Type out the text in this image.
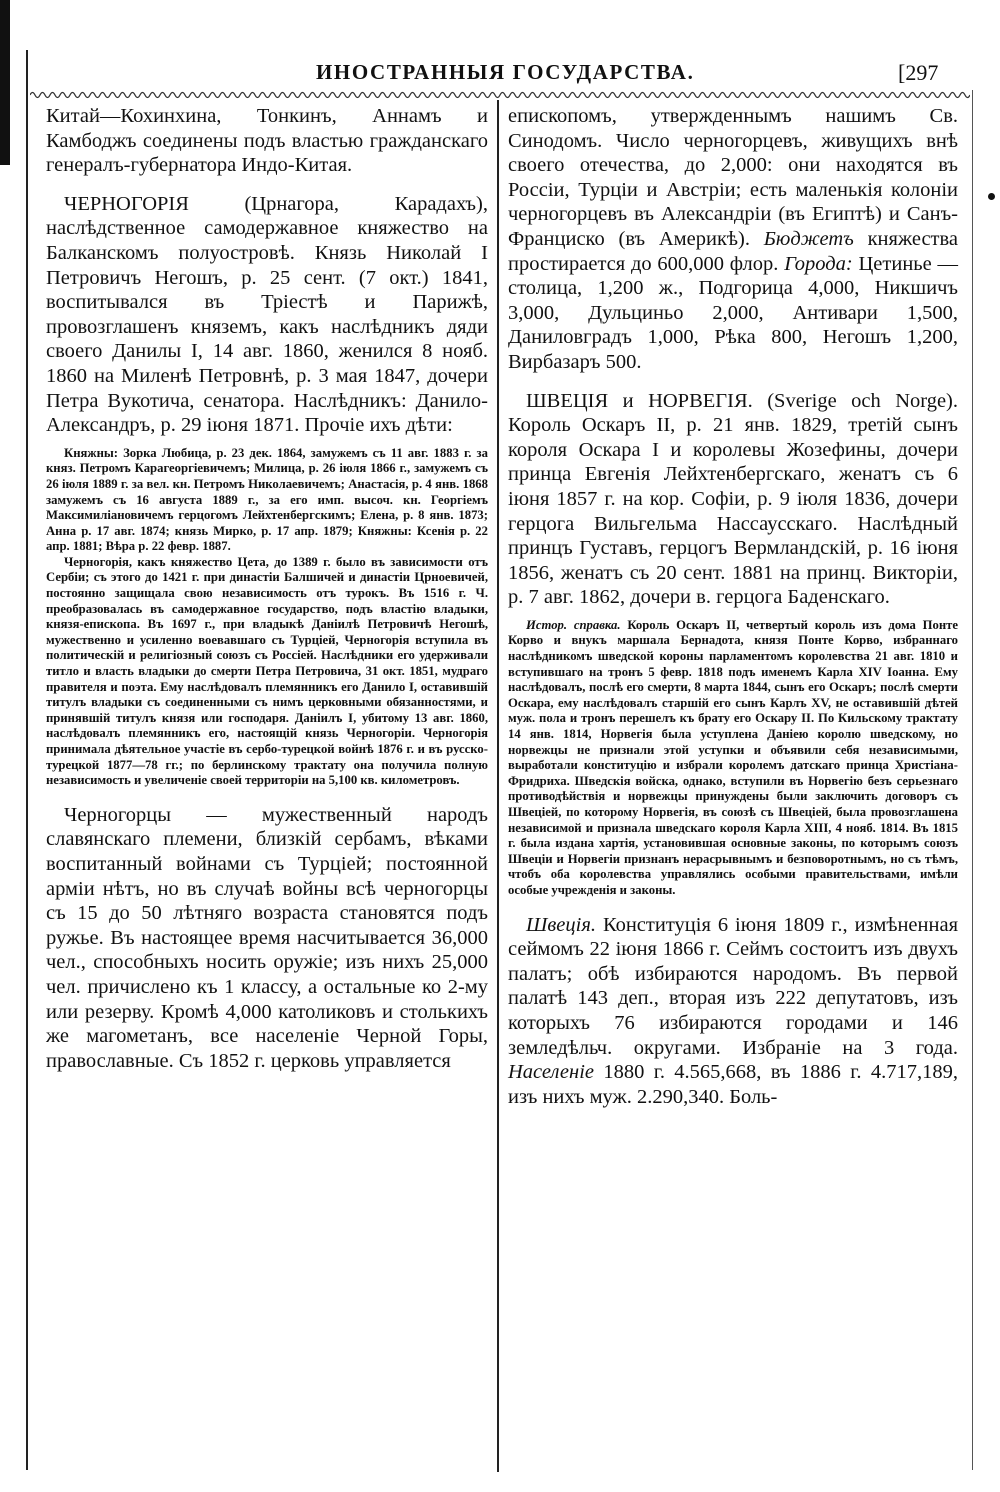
ИНОСТРАННЫЯ ГОСУДАРСТВА.	[297

Китай—Кохинхина, Тонкинъ, Аннамъ и Камбоджъ соединены подъ властью гражданскаго генералъ-губернатора Индо-Китая.

ЧЕРНОГОРІЯ (Црнагора, Карадахъ), наслѣдственное самодержавное княжество на Балканскомъ полуостровѣ. Князь Николай I Петровичъ Негошъ, р. 25 сент. (7 окт.) 1841, воспитывался въ Тріестѣ и Парижѣ, провозглашенъ княземъ, какъ наслѣдникъ дяди своего Данилы I, 14 авг. 1860, женился 8 нояб. 1860 на Миленѣ Петровнѣ, р. 3 мая 1847, дочери Петра Вукотича, сенатора. Наслѣдникъ: Данило-Александръ, р. 29 іюня 1871. Прочіе ихъ дѣти:

Княжны: Зорка Любица, р. 23 дек. 1864, замужемъ съ 11 авг. 1883 г. за княз. Петромъ Карагеоргіевичемъ; Милица, р. 26 іюля 1866 г., замужемъ съ 26 іюля 1889 г. за вел. кн. Петромъ Николаевичемъ; Анастасія, р. 4 янв. 1868 замужемъ съ 16 августа 1889 г., за его имп. высоч. кн. Георгіемъ Максимиліановичемъ герцогомъ Лейхтенбергскимъ; Елена, р. 8 янв. 1873; Анна р. 17 авг. 1874; князь Мирко, р. 17 апр. 1879; Княжны: Ксенія р. 22 апр. 1881; Вѣра р. 22 февр. 1887.

Черногорія, какъ княжество Цета, до 1389 г. было въ зависимости отъ Сербіи; съ этого до 1421 г. при династіи Балшичей и династіи Црноевичей, постоянно защищала свою независимость отъ турокъ. Въ 1516 г. Ч. преобразовалась въ самодержавное государство, подъ властію владыки, князя-епископа. Въ 1697 г., при владыкѣ Даніилѣ Петровичѣ Негошѣ, мужественно и усиленно воевавшаго съ Турціей, Черногорія вступила въ политическій и религіозный союзъ съ Россіей. Наслѣдники его удерживали титло и власть владыки до смерти Петра Петровича, 31 окт. 1851, мудраго правителя и поэта. Ему наслѣдовалъ племянникъ его Данило I, оставившій титулъ владыки съ соединенными съ нимъ церковными обязанностями, и принявшій титулъ князя или господаря. Даніилъ I, убитому 13 авг. 1860, наслѣдовалъ племянникъ его, настоящій князь Черногоріи. Черногорія принимала дѣятельное участіе въ сербо-турецкой войнѣ 1876 г. и въ русско-турецкой 1877—78 гг.; по берлинскому трактату она получила полную независимость и увеличеніе своей территоріи на 5,100 кв. километровъ.

Черногорцы — мужественный народъ славянскаго племени, близкій сербамъ, вѣками воспитанный войнами съ Турціей; постоянной арміи нѣтъ, но въ случаѣ войны всѣ черногорцы съ 15 до 50 лѣтняго возраста становятся подъ ружье. Въ настоящее время насчитывается 36,000 чел., способныхъ носить оружіе; изъ нихъ 25,000 чел. причислено къ 1 классу, а остальные ко 2-му или резерву. Кромѣ 4,000 католиковъ и столькихъ же магометанъ, все населеніе Черной Горы, православные. Съ 1852 г. церковь управляется

епископомъ, утвержденнымъ нашимъ Св. Синодомъ. Число черногорцевъ, живущихъ внѣ своего отечества, до 2,000: они находятся въ Россіи, Турціи и Австріи; есть маленькія колоніи черногорцевъ въ Александріи (въ Египтѣ) и Санъ-Франциско (въ Америкѣ). Бюджетъ княжества простирается до 600,000 флор. Города: Цетинье — столица, 1,200 ж., Подгорица 4,000, Никшичъ 3,000, Дульциньо 2,000, Антивари 1,500, Даниловградъ 1,000, Рѣка 800, Негошъ 1,200, Вирбазаръ 500.

ШВЕЦІЯ и НОРВЕГІЯ. (Sverige och Norge). Король Оскаръ II, р. 21 янв. 1829, третій сынъ короля Оскара I и королевы Жозефины, дочери принца Евгенія Лейхтенбергскаго, женатъ съ 6 іюня 1857 г. на кор. Софіи, р. 9 іюля 1836, дочери герцога Вильгельма Нассаусскаго. Наслѣдный принцъ Густавъ, герцогъ Вермландскій, р. 16 іюня 1856, женатъ съ 20 сент. 1881 на принц. Викторіи, р. 7 авг. 1862, дочери в. герцога Баденскаго.

Истор. справка. Король Оскаръ II, четвертый король изъ дома Понте Корво и внукъ маршала Бернадота, князя Понте Корво, избраннаго наслѣдникомъ шведской короны парламентомъ королевства 21 авг. 1810 и вступившаго на тронъ 5 февр. 1818 подъ именемъ Карла XIV Іоанна. Ему наслѣдовалъ, послѣ его смерти, 8 марта 1844, сынъ его Оскаръ; послѣ смерти Оскара, ему наслѣдовалъ старшій его сынъ Карлъ XV, не оставившій дѣтей муж. пола и тронъ перешелъ къ брату его Оскару II. По Кильскому трактату 14 янв. 1814, Норвегія была уступлена Даніею королю шведскому, но норвежцы не признали этой уступки и объявили себя независимыми, выработали конституцію и избрали королемъ датскаго принца Христіана-Фридриха. Шведскія войска, однако, вступили въ Норвегію безъ серьезнаго противодѣйствія и норвежцы принуждены были заключить договоръ съ Швеціей, по которому Норвегія, въ союзѣ съ Швеціей, была провозглашена независимой и признала шведскаго короля Карла XIII, 4 нояб. 1814. Въ 1815 г. была издана хартія, установившая основные законы, по которымъ союзъ Швеціи и Норвегіи признанъ нерасрывнымъ и безповоротнымъ, но съ тѣмъ, чтобъ оба королевства управлялись особыми правительствами, имѣли особые учрежденія и законы.

Швеція. Конституція 6 іюня 1809 г., измѣненная сеймомъ 22 іюня 1866 г. Сеймъ состоитъ изъ двухъ палатъ; обѣ избираются народомъ. Въ первой палатѣ 143 деп., вторая изъ 222 депутатовъ, изъ которыхъ 76 избираются городами и 146 земледѣльч. округами. Избраніе на 3 года. Населеніе 1880 г. 4.565,668, въ 1886 г. 4.717,189, изъ нихъ муж. 2.290,340. Боль-
